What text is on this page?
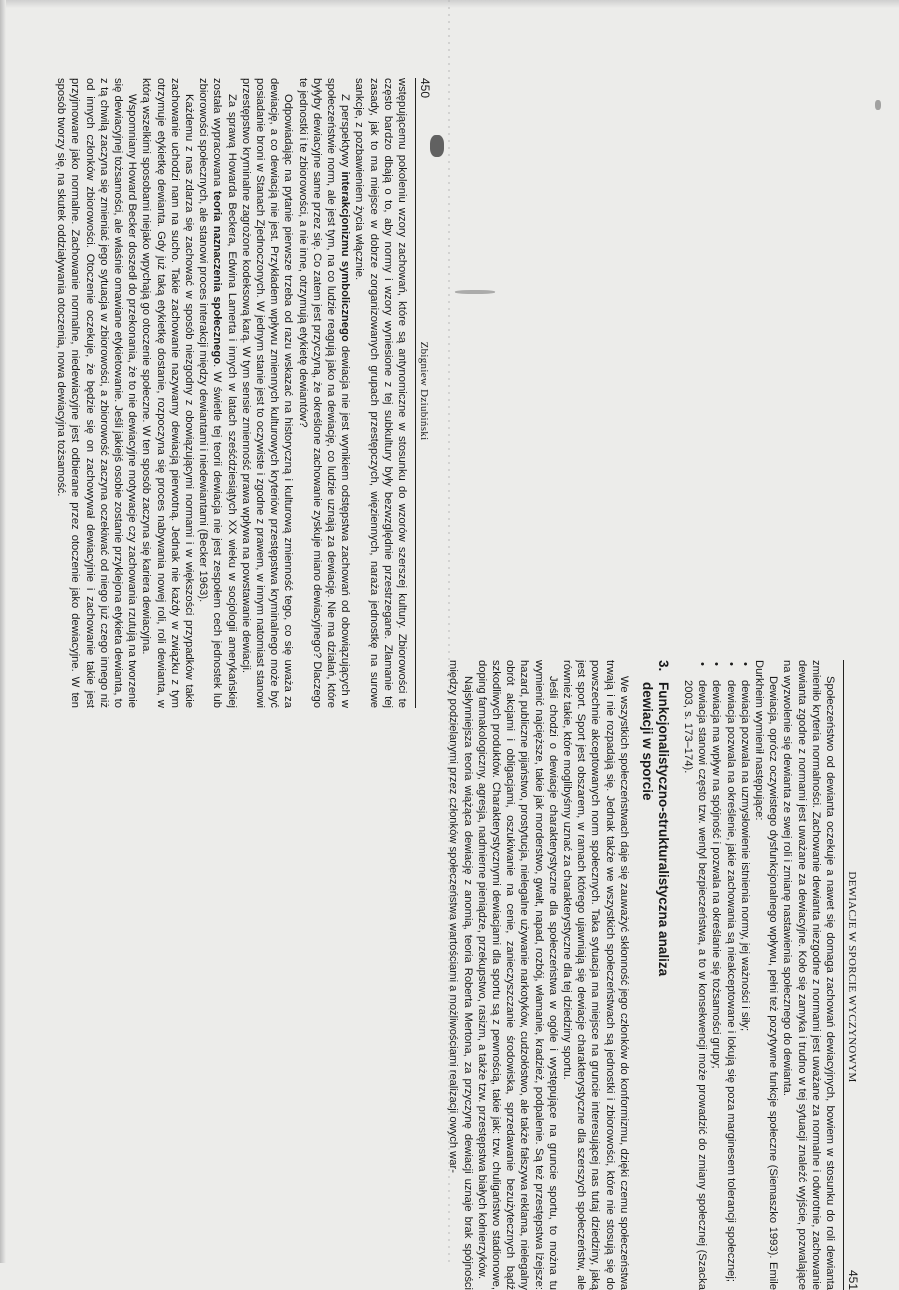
450
Zbigniew Dziubiński

wstępującemu pokoleniu wzory zachowań, które są antynomiczne w stosunku do wzorów szerszej kultury. Zbiorowości te często bardzo dbają o to, aby normy i wzory wyniesione z tej subkultury były bezwzględnie przestrzegane. Złamanie tej zasady, jak to ma miejsce w dobrze zorganizowanych grupach przestępczych, więziennych, naraża jednostkę na surowe sankcje, z pozbawieniem życia włącznie.

Z perspektywy interakcjonizmu symbolicznego dewiacja nie jest wynikiem odstępstwa zachowań od obowiązujących w społeczeństwie norm, ale jest tym, na co ludzie reagują jako na dewiację, co ludzie uznają za dewiację. Nie ma działań, które byłyby dewiacyjne same przez się. Co zatem jest przyczyną, że określone zachowanie zyskuje miano dewiacyjnego? Dlaczego te jednostki i te zbiorowości, a nie inne, otrzymują etykietę dewiantów?

Odpowiadając na pytanie pierwsze trzeba od razu wskazać na historyczną i kulturową zmienność tego, co się uważa za dewiację, a co dewiacją nie jest. Przykładem wpływu zmiennych kulturowych kryteriów przestępstwa kryminalnego może być posiadanie broni w Stanach Zjednoczonych. W jednym stanie jest to oczywiste i zgodne z prawem, w innym natomiast stanowi przestępstwo kryminalne zagrożone kodeksową karą. W tym sensie zmienność prawa wpływa na powstawanie dewiacji.

Za sprawą Howarda Beckera, Edwina Lamerta i innych w latach sześćdziesiątych XX wieku w socjologii amerykańskiej została wypracowana teoria naznaczenia społecznego. W świetle tej teorii dewiacja nie jest zespołem cech jednostek lub zbiorowości społecznych, ale stanowi proces interakcji między dewiantami i niedewiantami (Becker 1963).

Każdemu z nas zdarza się zachować w sposób niezgodny z obowiązującymi normami i w większości przypadków takie zachowanie uchodzi nam na sucho. Takie zachowanie nazywamy dewiacją pierwotną. Jednak nie każdy w związku z tym otrzymuje etykietkę dewianta. Gdy już taką etykietkę dostanie, rozpoczyna się proces nabywania nowej roli, roli dewianta, w którą wszelkimi sposobami niejako wpychają go otoczenie społeczne. W ten sposób zaczyna się kariera dewiacyjna.

Wspomniany Howard Becker doszedł do przekonania, że to nie dewiacyjne motywacje czy zachowania rzutują na tworzenie się dewiacyjnej tożsamości, ale właśnie omawiane etykietowanie. Jeśli jakiejś osobie zostanie przyklejona etykieta dewianta, to z tą chwilą zaczyna się zmieniać jego sytuacja w zbiorowości, a zbiorowość zaczyna oczekiwać od niego już czego innego niż od innych członków zbiorowości. Otoczenie oczekuje, że będzie się on zachowywał dewiacyjnie i zachowanie takie jest przyjmowane jako normalne. Zachowanie normalne, niedewiacyjne jest odbierane przez otoczenie jako dewiacyjne. W ten sposób tworzy się, na skutek oddziaływania otoczenia, nowa dewiacyjna tożsamość.

DEWIACJE W SPORCIE WYCZYNOWYM
451

Społeczeństwo od dewianta oczekuje a nawet się domaga zachowań dewiacyjnych, bowiem w stosunku do roli dewianta zmieniło kryteria normalności. Zachowanie dewianta niezgodne z normami jest uważane za normalne i odwrotnie, zachowanie dewianta zgodne z normami jest uważane za dewiacyjne. Koło się zamyka i trudno w tej sytuacji znaleźć wyjście, pozwalające na wyzwolenie się dewianta ze swej roli i zmianę nastawienia społecznego do dewianta.

Dewiacja, oprócz oczywistego dysfunkcjonalnego wpływu, pełni też pozytywne funkcje społeczne (Siemaszko 1993). Emile Durkheim wymienił następujące:

• dewiacja pozwala na uzmysłowienie istnienia normy, jej ważności i siły;
• dewiacja pozwala na określenie, jakie zachowania są nieakceptowane i lokują się poza marginesem tolerancji społecznej;
• dewiacja ma wpływ na spójność i pozwala na określanie się tożsamości grupy;
• dewiacja stanowi często tzw. wentyl bezpieczeństwa, a to w konsekwencji może prowadzić do zmiany społecznej (Szacka 2003, s. 173–174).
3.
Funkcjonalistyczno-strukturalistyczna analiza
dewiacji w sporcie

We wszystkich społeczeństwach daje się zauważyć skłonność jego członków do konformizmu, dzięki czemu społeczeństwa trwają i nie rozpadają się. Jednak także we wszystkich społeczeństwach są jednostki i zbiorowości, które nie stosują się do powszechnie akceptowanych norm społecznych. Taka sytuacja ma miejsce na gruncie interesującej nas tutaj dziedziny, jaką jest sport. Sport jest obszarem, w ramach którego ujawniają się dewiacje charakterystyczne dla szerszych społeczeństw, ale również takie, które moglibyśmy uznać za charakterystyczne dla tej dziedziny sportu.

Jeśli chodzi o dewiacje charakterystyczne dla społeczeństwa w ogóle i występujące na gruncie sportu, to można tu wymienić najcięższe, takie jak morderstwo, gwałt, napad, rozbój, włamanie, kradzież, podpalenie. Są też przestępstwa lżejsze: hazard, publiczne pijaństwo, prostytucja, nielegalne używanie narkotyków, cudzołóstwo, ale także fałszywa reklama, nielegalny obrót akcjami i obligacjami, oszukiwanie na cenie, zanieczyszczanie środowiska, sprzedawanie bezużytecznych bądź szkodliwych produktów. Charakterystycznymi dewiacjami dla sportu są z pewnością, takie jak: tzw. chuligaństwo stadionowe, doping farmakologiczny, agresja, nadmierne pieniądze, przekupstwo, rasizm, a także tzw. przestępstwa białych kołnierzyków.

Najsłynniejsza teoria wiążąca dewiację z anomią, teoria Roberta Mertona, za przyczynę dewiacji uznaje brak spójności między podzielanymi przez członków społeczeństwa wartościami a możliwościami realizacji owych war-
